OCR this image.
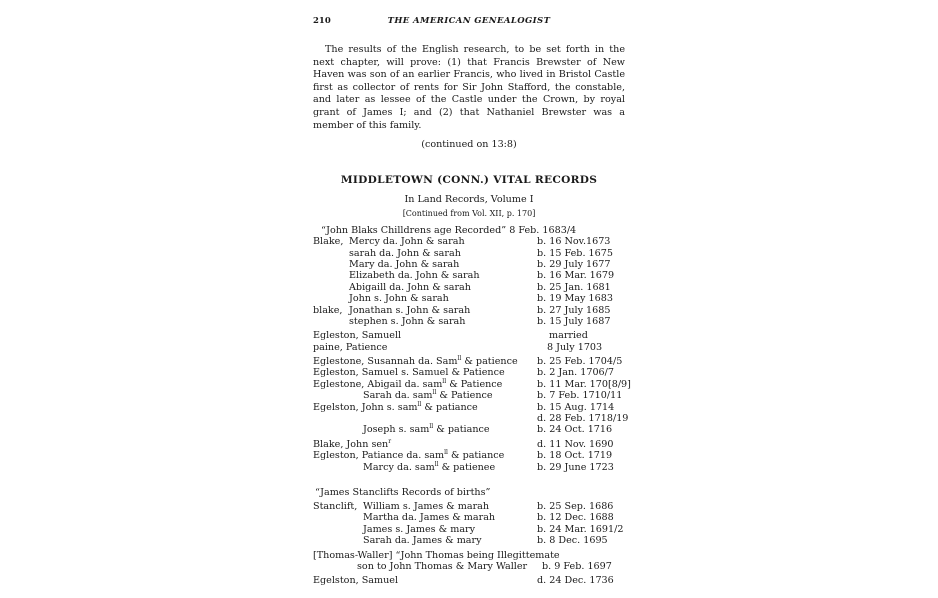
210	THE AMERICAN GENEALOGIST
The results of the English research, to be set forth in the next chapter, will prove: (1) that Francis Brewster of New Haven was son of an earlier Francis, who lived in Bristol Castle first as collector of rents for Sir John Stafford, the constable, and later as lessee of the Castle under the Crown, by royal grant of James I; and (2) that Nathaniel Brewster was a member of this family.
(continued on 13:8)
MIDDLETOWN (CONN.) VITAL RECORDS
In Land Records, Volume I
[Continued from Vol. XII, p. 170]
“John Blaks Chilldrens age Recorded” 8 Feb. 1683/4
Blake, Mercy da. John & sarah	b. 16 Nov.1673
sarah da. John & sarah	b. 15 Feb. 1675
Mary da. John & sarah	b. 29 July 1677
Elizabeth da. John & sarah	b. 16 Mar. 1679
Abigaill da. John & sarah	b. 25 Jan. 1681
John s. John & sarah	b. 19 May 1683
blake, Jonathan s. John & sarah	b. 27 July 1685
stephen s. John & sarah	b. 15 July 1687
Egleston, Samuell	married
paine, Patience	8 July 1703
Eglestone, Susannah da. Sam$^{ll}$ & patience b. 25 Feb. 1704/5
Egleston, Samuel s. Samuel & Patience	b. 2 Jan. 1706/7
Eglestone, Abigail da. sam$^{ll}$ & Patience	b. 11 Mar. 170[8/9]
Sarah da. sam$^{ll}$ & Patience	b. 7 Feb. 1710/11
Egelston, John s. sam$^{ll}$ & patiance	b. 15 Aug. 1714
d. 28 Feb. 1718/19
Joseph s. sam$^{ll}$ & patiance	b. 24 Oct. 1716
Blake, John sen$^r$	d. 11 Nov. 1690
Egleston, Patiance da. sam$^{ll}$ & patiance	b. 18 Oct. 1719
Marcy da. sam$^{ll}$ & patienee	b. 29 June 1723
“James Stanclifts Records of births”
Stanclift, William s. James & marah	b. 25 Sep. 1686
Martha da. James & marah	b. 12 Dec. 1688
James s. James & mary	b. 24 Mar. 1691/2
Sarah da. James & mary	b. 8 Dec. 1695
[Thomas-Waller] “John Thomas being Illegittemate
son to John Thomas & Mary Waller b. 9 Feb. 1697
Egelston, Samuel	d. 24 Dec. 1736
